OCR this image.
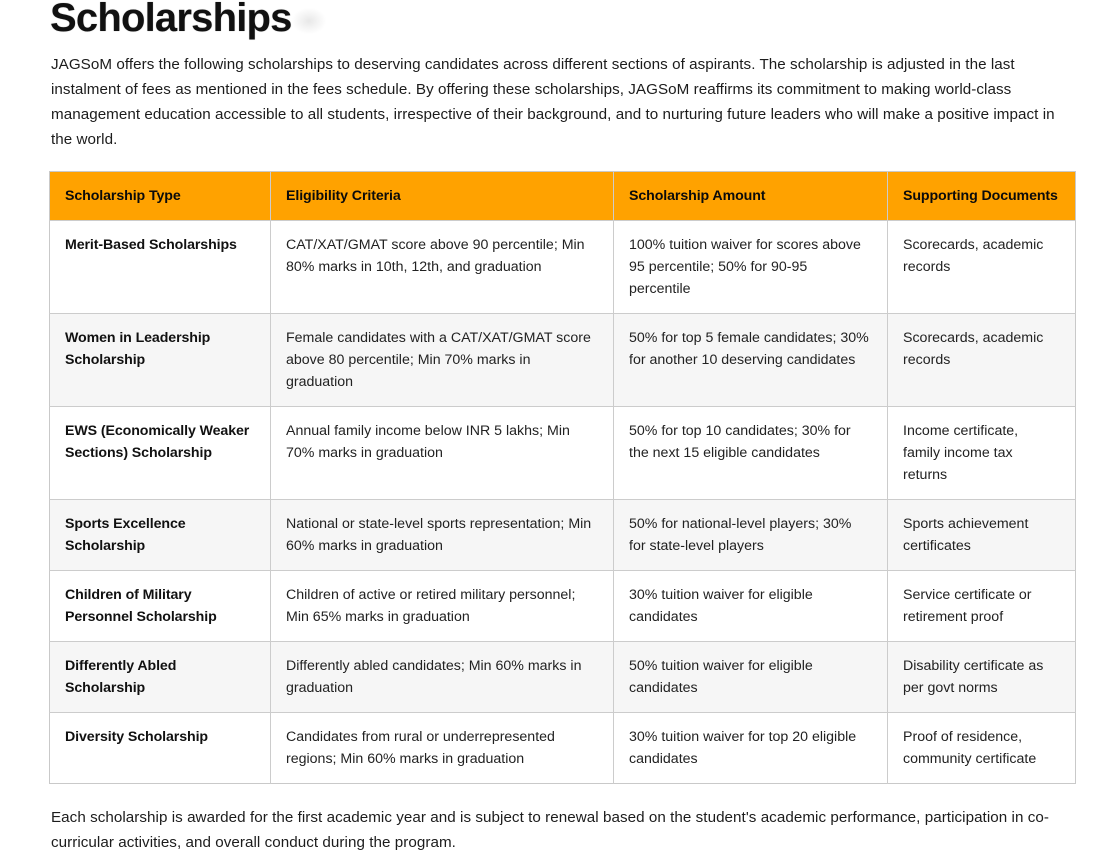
Scholarships

JAGSoM offers the following scholarships to deserving candidates across different sections of aspirants. The scholarship is adjusted in the last instalment of fees as mentioned in the fees schedule. By offering these scholarships, JAGSoM reaffirms its commitment to making world-class management education accessible to all students, irrespective of their background, and to nurturing future leaders who will make a positive impact in the world.

Scholarship Type	Eligibility Criteria	Scholarship Amount	Supporting Documents
Merit-Based Scholarships	CAT/XAT/GMAT score above 90 percentile; Min 80% marks in 10th, 12th, and graduation	100% tuition waiver for scores above 95 percentile; 50% for 90-95 percentile	Scorecards, academic records
Women in Leadership Scholarship	Female candidates with a CAT/XAT/GMAT score above 80 percentile; Min 70% marks in graduation	50% for top 5 female candidates; 30% for another 10 deserving candidates	Scorecards, academic records
EWS (Economically Weaker Sections) Scholarship	Annual family income below INR 5 lakhs; Min 70% marks in graduation	50% for top 10 candidates; 30% for the next 15 eligible candidates	Income certificate, family income tax returns
Sports Excellence Scholarship	National or state-level sports representation; Min 60% marks in graduation	50% for national-level players; 30% for state-level players	Sports achievement certificates
Children of Military Personnel Scholarship	Children of active or retired military personnel; Min 65% marks in graduation	30% tuition waiver for eligible candidates	Service certificate or retirement proof
Differently Abled Scholarship	Differently abled candidates; Min 60% marks in graduation	50% tuition waiver for eligible candidates	Disability certificate as per govt norms
Diversity Scholarship	Candidates from rural or underrepresented regions; Min 60% marks in graduation	30% tuition waiver for top 20 eligible candidates	Proof of residence, community certificate

Each scholarship is awarded for the first academic year and is subject to renewal based on the student's academic performance, participation in co-curricular activities, and overall conduct during the program.
